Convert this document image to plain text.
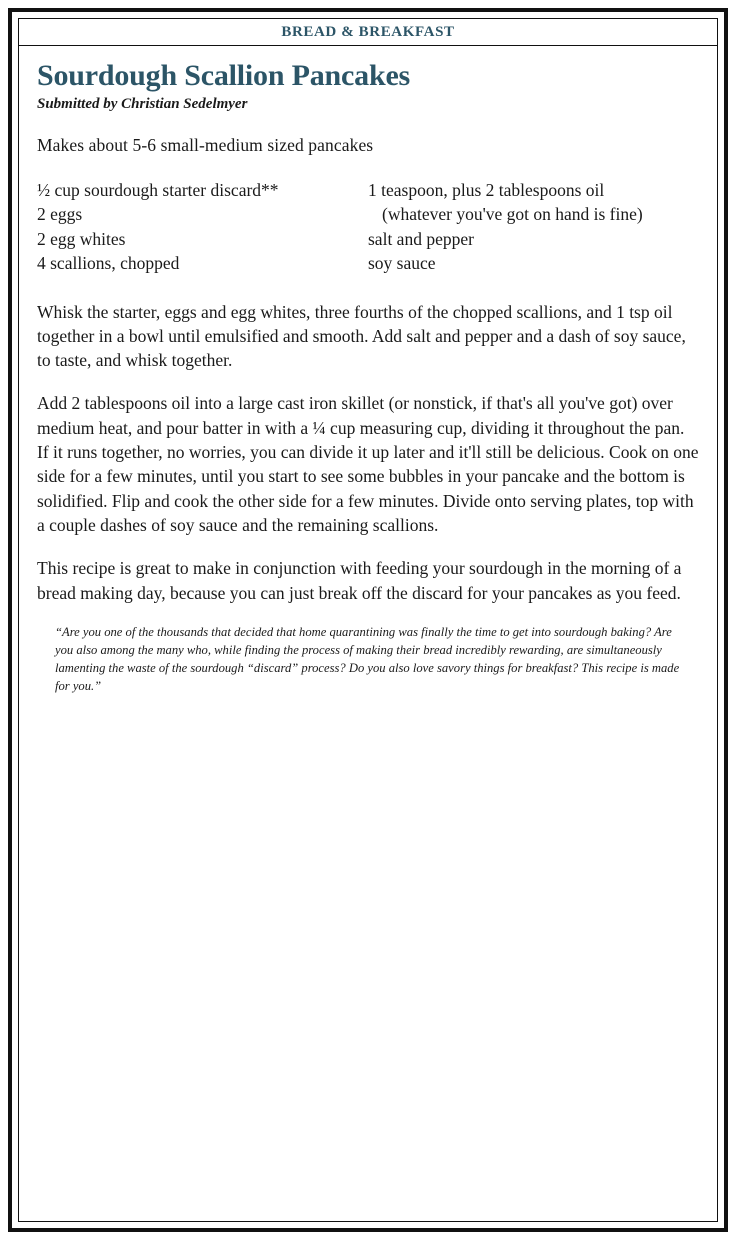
BREAD & BREAKFAST
Sourdough Scallion Pancakes
Submitted by Christian Sedelmyer
Makes about 5-6 small-medium sized pancakes
½ cup sourdough starter discard**
2 eggs
2 egg whites
4 scallions, chopped
1 teaspoon, plus 2 tablespoons oil
(whatever you've got on hand is fine)
salt and pepper
soy sauce
Whisk the starter, eggs and egg whites, three fourths of the chopped scallions, and 1 tsp oil together in a bowl until emulsified and smooth. Add salt and pepper and a dash of soy sauce, to taste, and whisk together.
Add 2 tablespoons oil into a large cast iron skillet (or nonstick, if that's all you've got) over medium heat, and pour batter in with a ¼ cup measuring cup, dividing it throughout the pan. If it runs together, no worries, you can divide it up later and it'll still be delicious. Cook on one side for a few minutes, until you start to see some bubbles in your pancake and the bottom is solidified. Flip and cook the other side for a few minutes. Divide onto serving plates, top with a couple dashes of soy sauce and the remaining scallions.
This recipe is great to make in conjunction with feeding your sourdough in the morning of a bread making day, because you can just break off the discard for your pancakes as you feed.
“Are you one of the thousands that decided that home quarantining was finally the time to get into sourdough baking? Are you also among the many who, while finding the process of making their bread incredibly rewarding, are simultaneously lamenting the waste of the sourdough “discard” process? Do you also love savory things for breakfast? This recipe is made for you.”
